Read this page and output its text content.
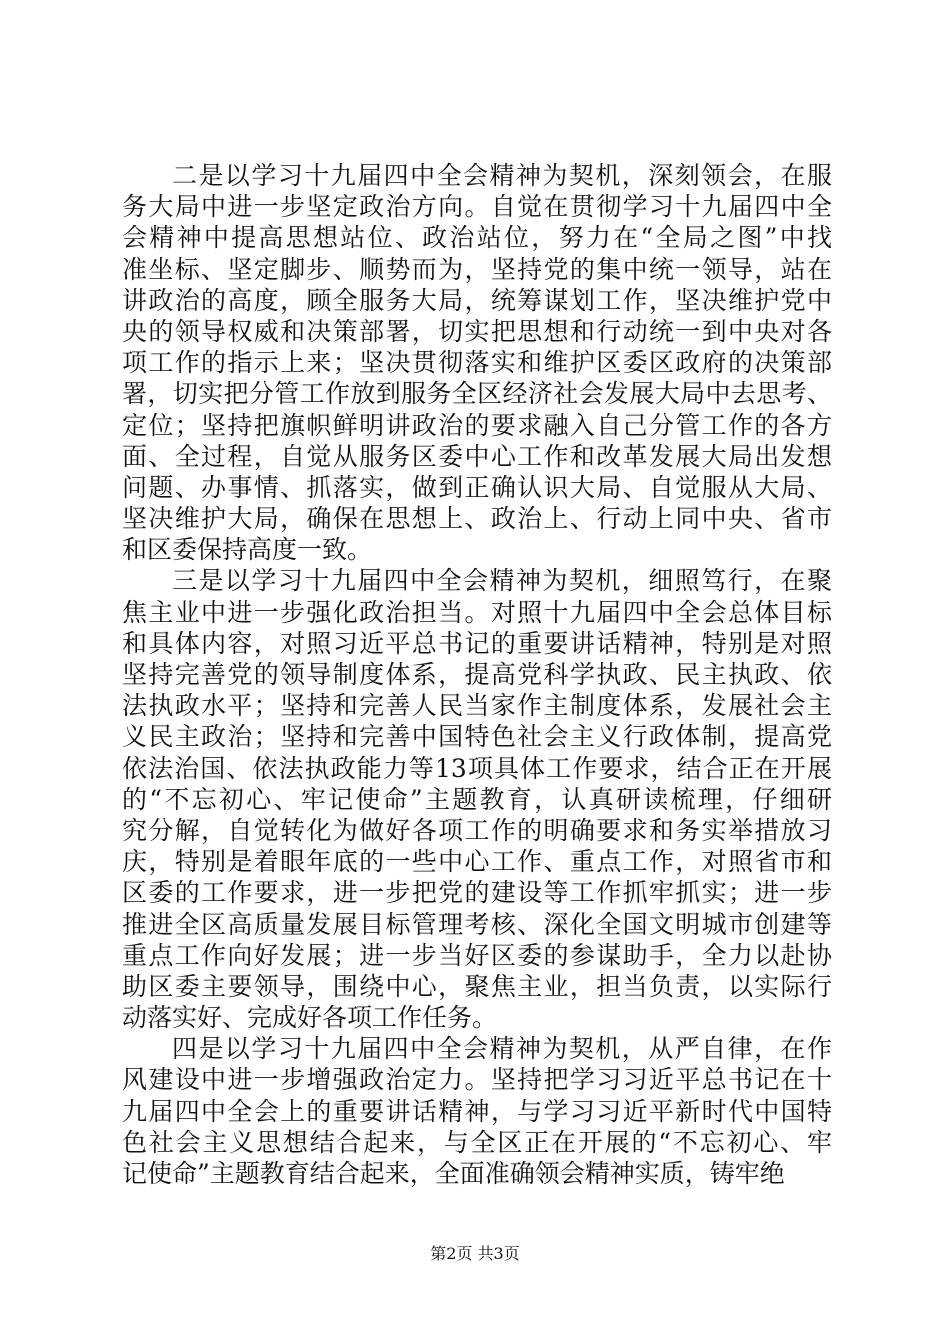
二是以学习十九届四中全会精神为契机，深刻领会，在服
务大局中进一步坚定政治方向。自觉在贯彻学习十九届四中全
会精神中提高思想站位、政治站位，努力在“全局之图”中找
准坐标、坚定脚步、顺势而为，坚持党的集中统一领导，站在
讲政治的高度，顾全服务大局，统筹谋划工作，坚决维护党中
央的领导权威和决策部署，切实把思想和行动统一到中央对各
项工作的指示上来；坚决贯彻落实和维护区委区政府的决策部
署，切实把分管工作放到服务全区经济社会发展大局中去思考、
定位；坚持把旗帜鲜明讲政治的要求融入自己分管工作的各方
面、全过程，自觉从服务区委中心工作和改革发展大局出发想
问题、办事情、抓落实，做到正确认识大局、自觉服从大局、
坚决维护大局，确保在思想上、政治上、行动上同中央、省市
和区委保持高度一致。
三是以学习十九届四中全会精神为契机，细照笃行，在聚
焦主业中进一步强化政治担当。对照十九届四中全会总体目标
和具体内容，对照习近平总书记的重要讲话精神，特别是对照
坚持完善党的领导制度体系，提高党科学执政、民主执政、依
法执政水平；坚持和完善人民当家作主制度体系，发展社会主
义民主政治；坚持和完善中国特色社会主义行政体制，提高党
依法治国、依法执政能力等13项具体工作要求，结合正在开展
的“不忘初心、牢记使命”主题教育，认真研读梳理，仔细研
究分解，自觉转化为做好各项工作的明确要求和务实举措放习
庆，特别是着眼年底的一些中心工作、重点工作，对照省市和
区委的工作要求，进一步把党的建设等工作抓牢抓实；进一步
推进全区高质量发展目标管理考核、深化全国文明城市创建等
重点工作向好发展；进一步当好区委的参谋助手，全力以赴协
助区委主要领导，围绕中心，聚焦主业，担当负责，以实际行
动落实好、完成好各项工作任务。
四是以学习十九届四中全会精神为契机，从严自律，在作
风建设中进一步增强政治定力。坚持把学习习近平总书记在十
九届四中全会上的重要讲话精神，与学习习近平新时代中国特
色社会主义思想结合起来，与全区正在开展的“不忘初心、牢
记使命”主题教育结合起来，全面准确领会精神实质，铸牢绝
第2页 共3页
